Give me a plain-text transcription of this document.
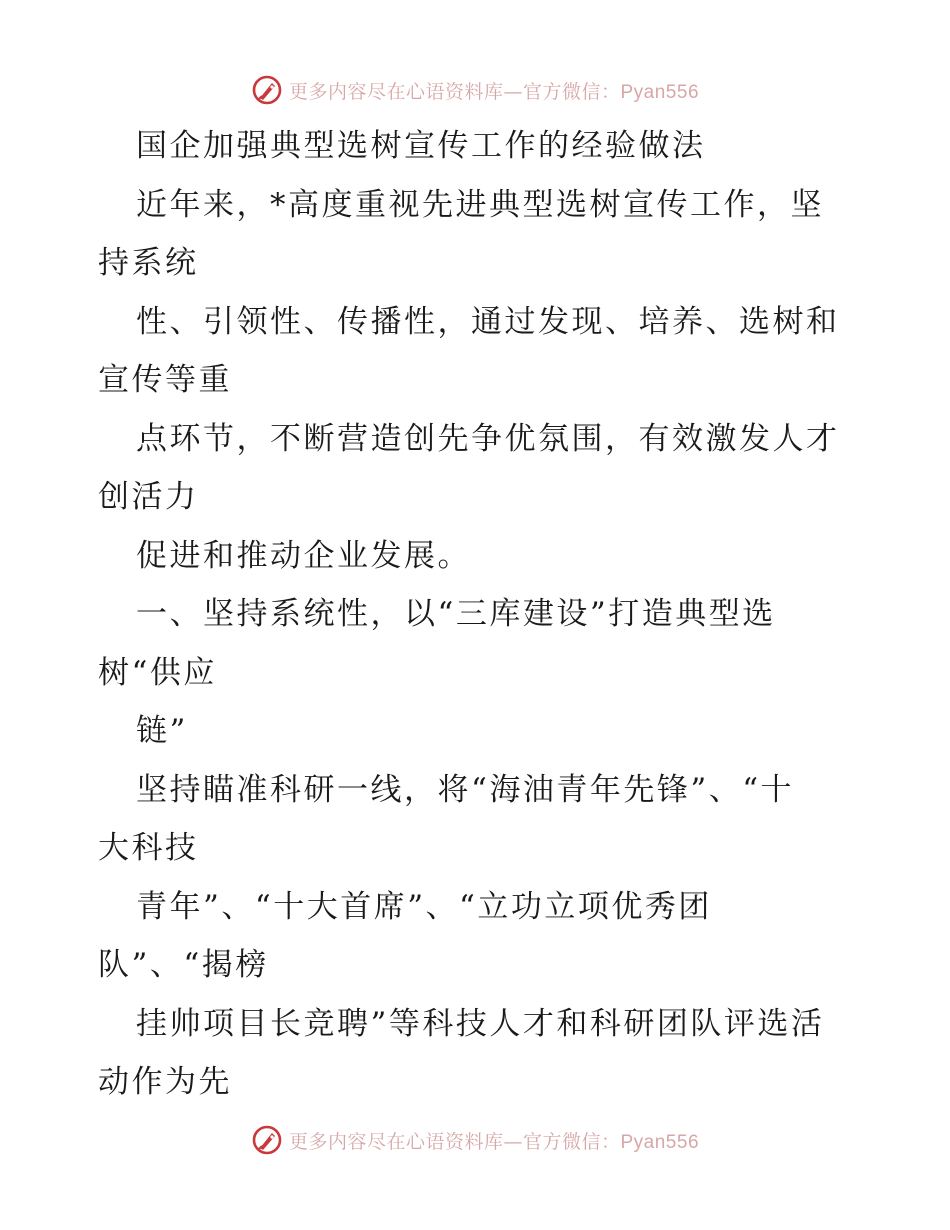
更多内容尽在心语资料库—官方微信：Pyan556
国企加强典型选树宣传工作的经验做法
近年来，*高度重视先进典型选树宣传工作，坚
持系统
性、引领性、传播性，通过发现、培养、选树和
宣传等重
点环节，不断营造创先争优氛围，有效激发人才
创活力
促进和推动企业发展。
一、坚持系统性，以“三库建设”打造典型选
树“供应
链”
坚持瞄准科研一线，将“海油青年先锋”、“十
大科技
青年”、“十大首席”、“立功立项优秀团
队”、“揭榜
挂帅项目长竞聘”等科技人才和科研团队评选活
动作为先
更多内容尽在心语资料库—官方微信：Pyan556
